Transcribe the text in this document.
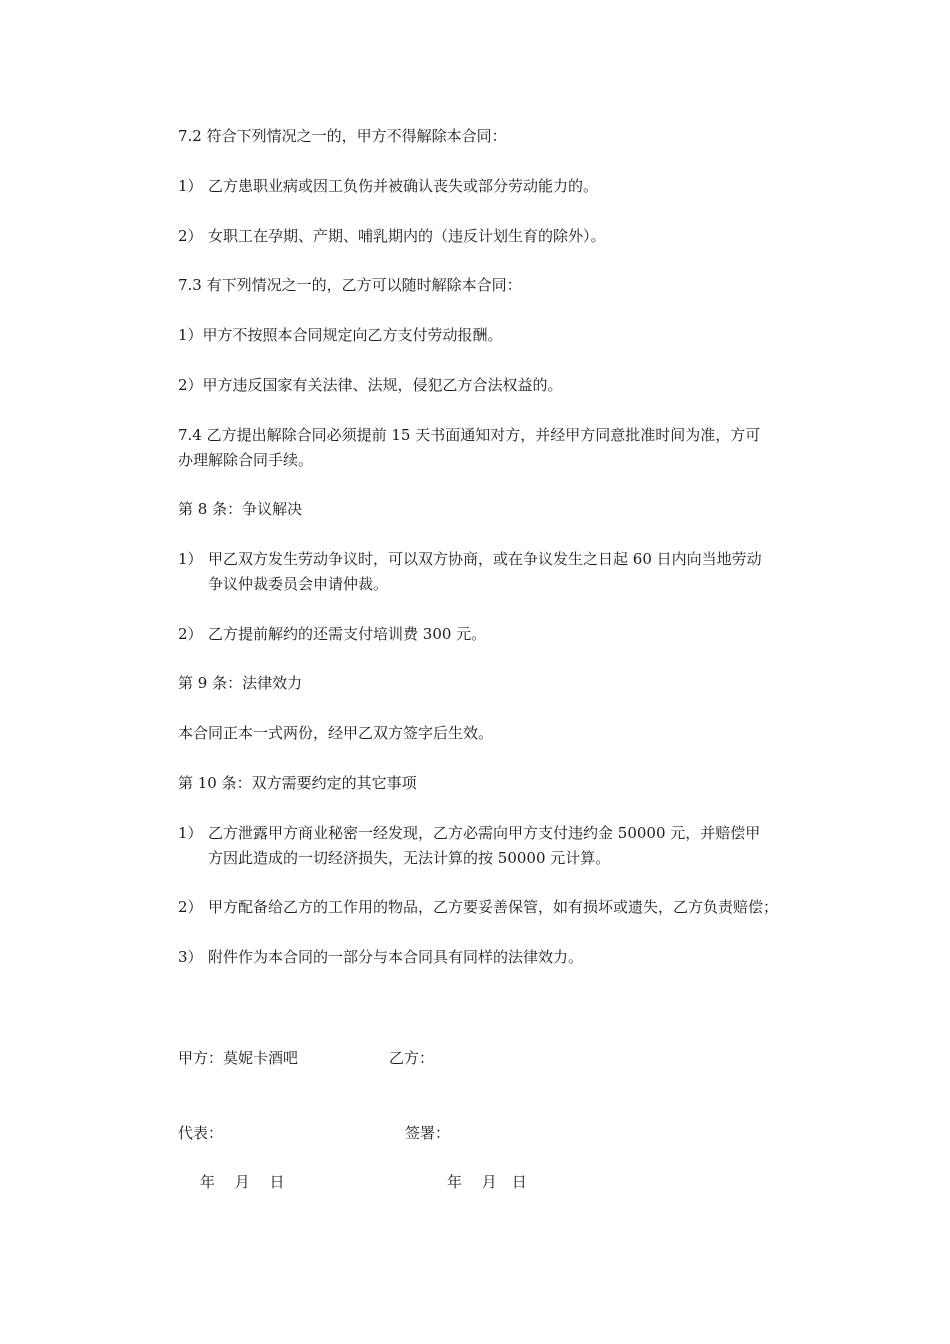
7.2 符合下列情况之一的，甲方不得解除本合同：
1） 乙方患职业病或因工负伤并被确认丧失或部分劳动能力的。
2） 女职工在孕期、产期、哺乳期内的（违反计划生育的除外）。
7.3 有下列情况之一的，乙方可以随时解除本合同：
1）甲方不按照本合同规定向乙方支付劳动报酬。
2）甲方违反国家有关法律、法规，侵犯乙方合法权益的。
7.4 乙方提出解除合同必须提前 15 天书面通知对方，并经甲方同意批准时间为准，方可
办理解除合同手续。
第 8 条：争议解决
1） 甲乙双方发生劳动争议时，可以双方协商，或在争议发生之日起 60 日内向当地劳动
争议仲裁委员会申请仲裁。
2） 乙方提前解约的还需支付培训费 300 元。
第 9 条：法律效力
本合同正本一式两份，经甲乙双方签字后生效。
第 10 条：双方需要约定的其它事项
1） 乙方泄露甲方商业秘密一经发现，乙方必需向甲方支付违约金 50000 元，并赔偿甲
方因此造成的一切经济损失，无法计算的按 50000 元计算。
2） 甲方配备给乙方的工作用的物品，乙方要妥善保管，如有损坏或遗失，乙方负责赔偿；
3） 附件作为本合同的一部分与本合同具有同样的法律效力。
甲方：莫妮卡酒吧	乙方：
代表：	签署：
年　 月　 日	年　 月　日
